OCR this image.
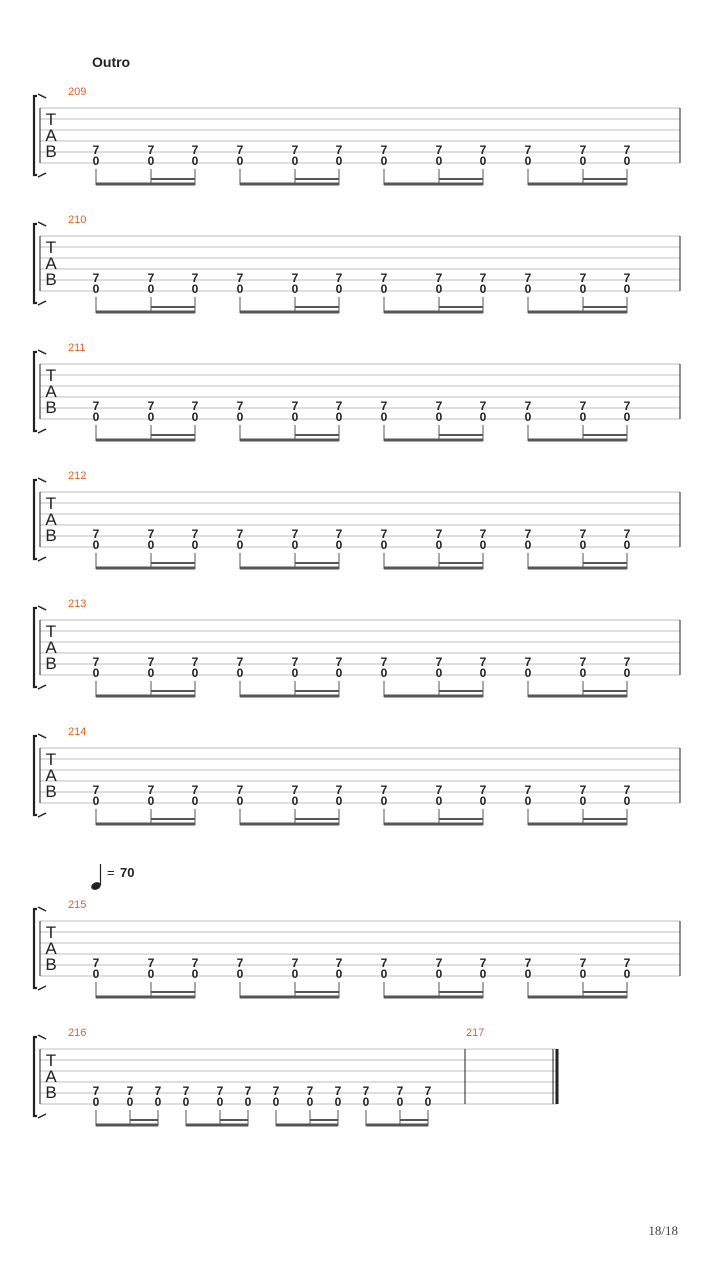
Outro
T
A
B
209
7
0
7
0
7
0
7
0
7
0
7
0
7
0
7
0
7
0
7
0
7
0
7
0
T
A
B
210
7
0
7
0
7
0
7
0
7
0
7
0
7
0
7
0
7
0
7
0
7
0
7
0
T
A
B
211
7
0
7
0
7
0
7
0
7
0
7
0
7
0
7
0
7
0
7
0
7
0
7
0
T
A
B
212
7
0
7
0
7
0
7
0
7
0
7
0
7
0
7
0
7
0
7
0
7
0
7
0
T
A
B
213
7
0
7
0
7
0
7
0
7
0
7
0
7
0
7
0
7
0
7
0
7
0
7
0
T
A
B
214
7
0
7
0
7
0
7
0
7
0
7
0
7
0
7
0
7
0
7
0
7
0
7
0
T
A
B
215
7
0
7
0
7
0
7
0
7
0
7
0
7
0
7
0
7
0
7
0
7
0
7
0
T
A
B
216	217
7
0
7
0
7
0
7
0
7
0
7
0
7
0
7
0
7
0
7
0
7
0
7
0
= 70
18/18
